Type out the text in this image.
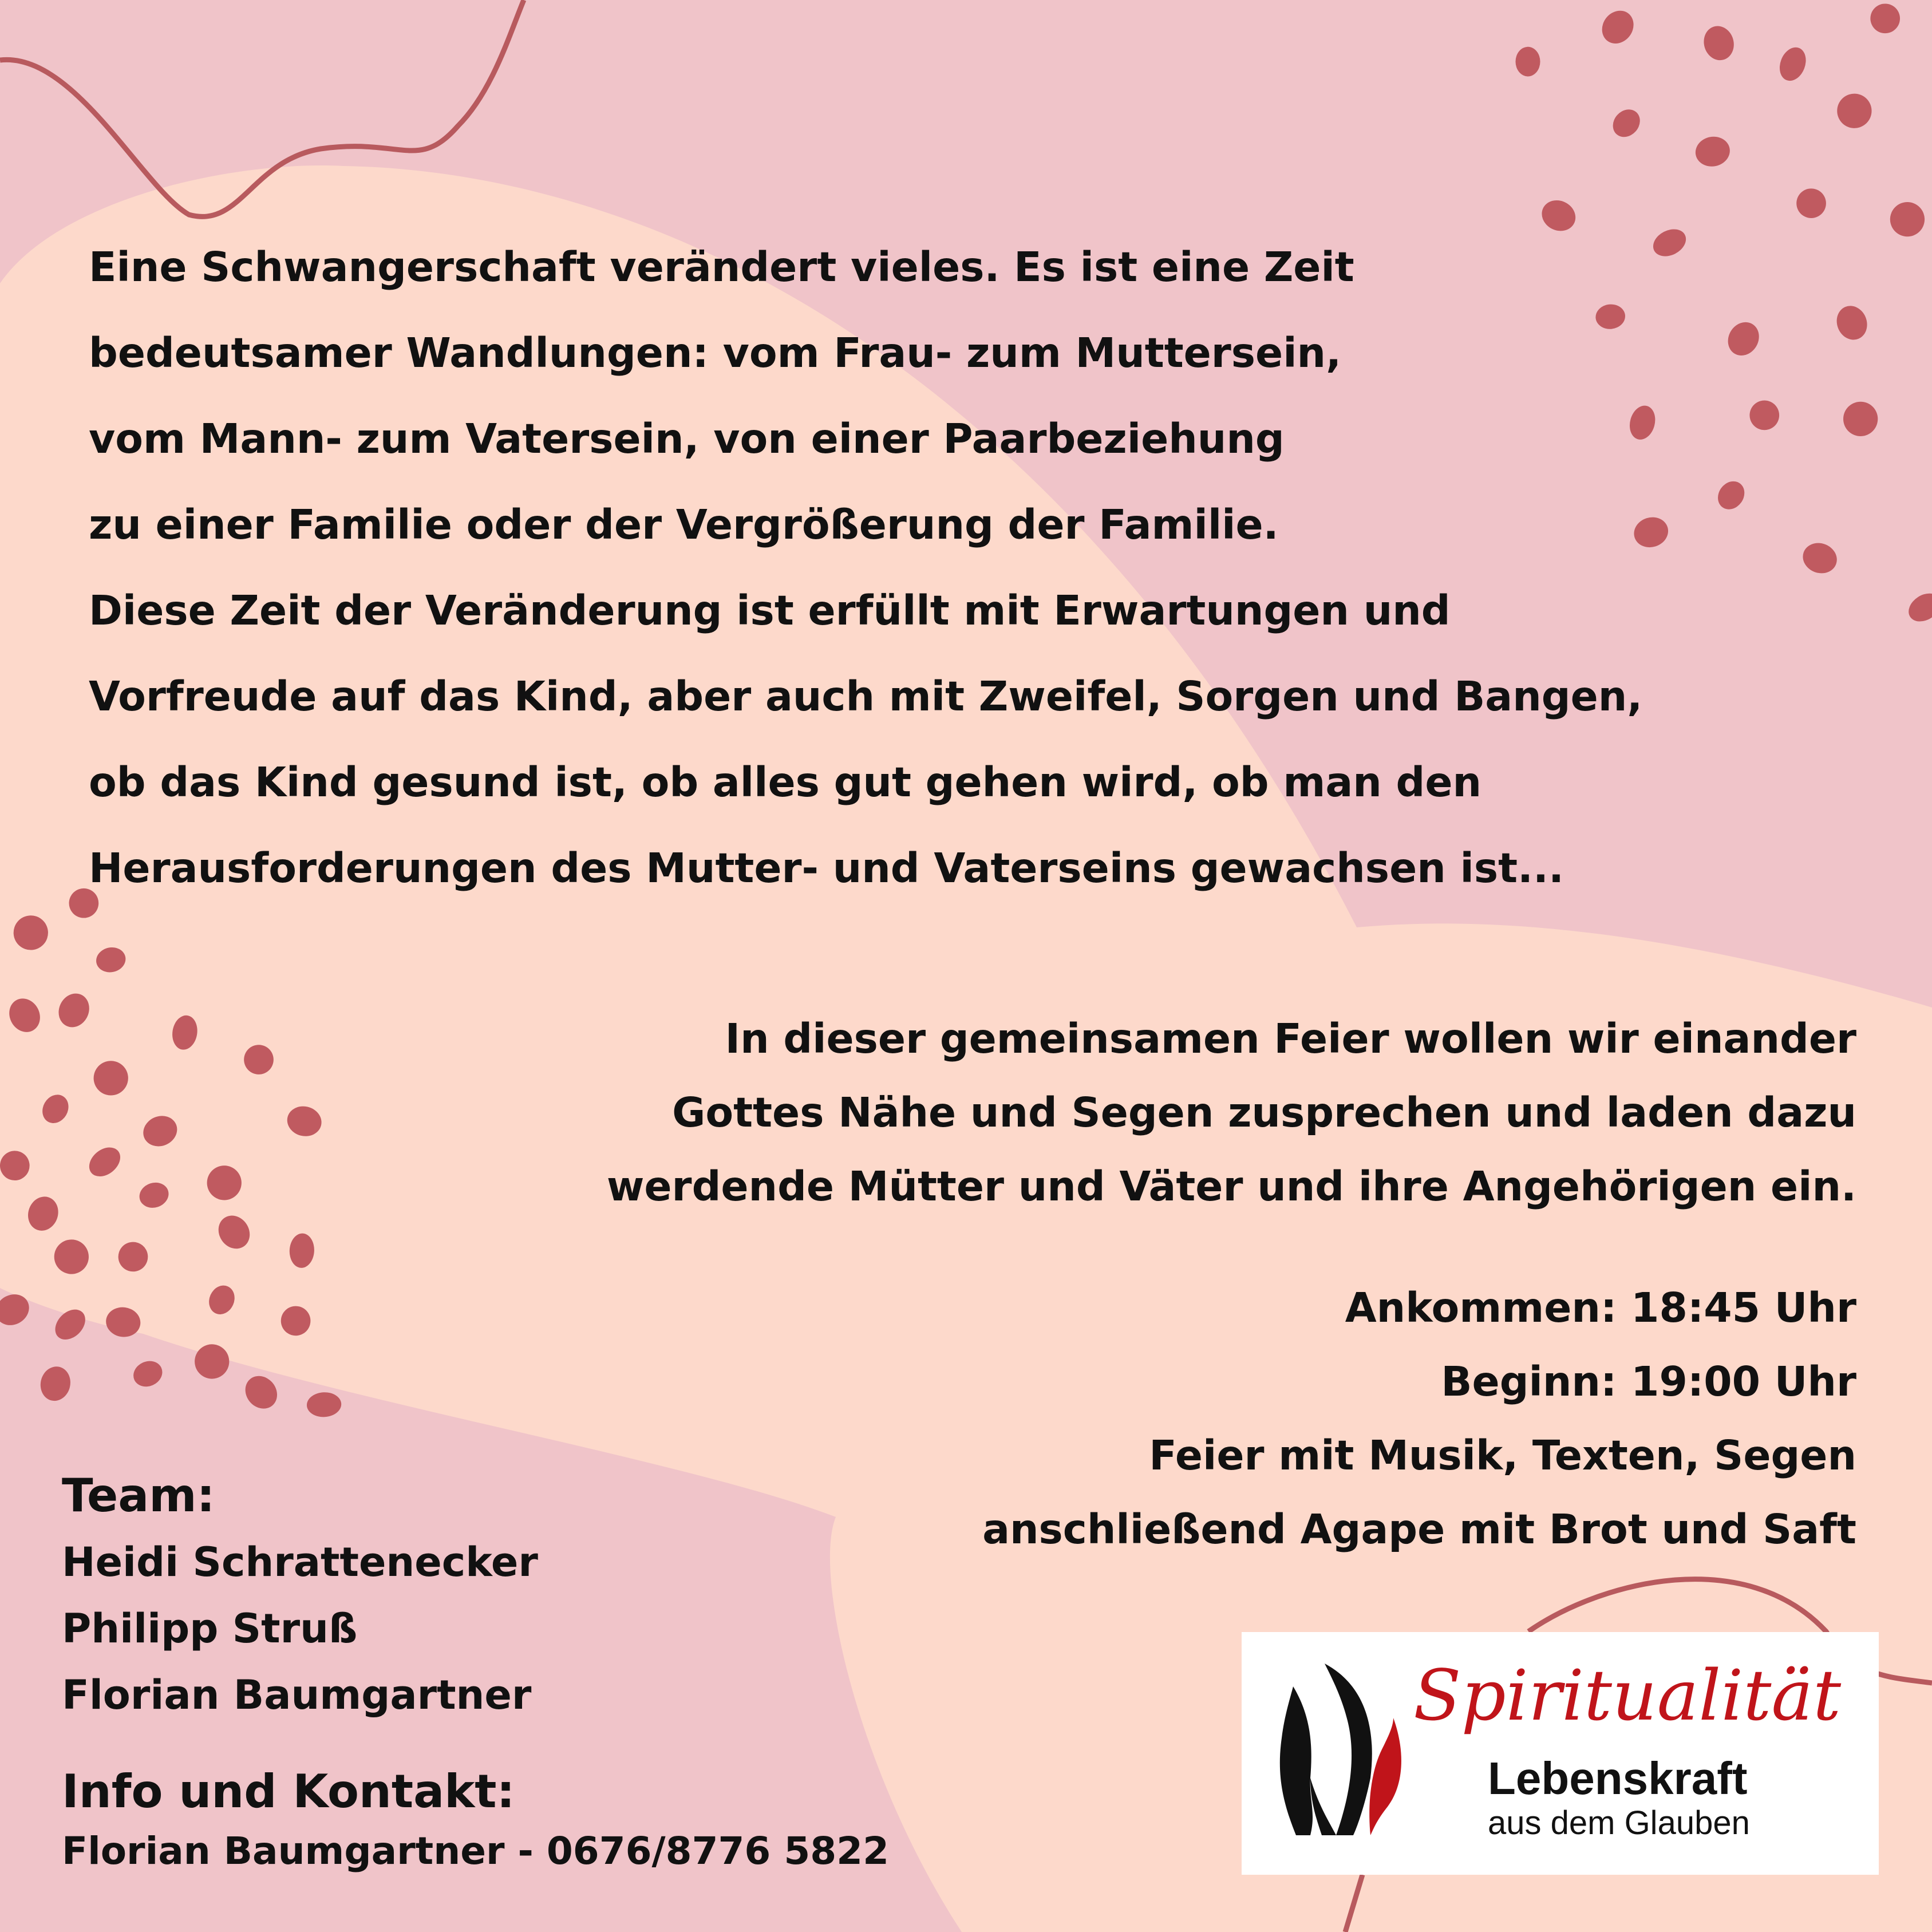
Eine Schwangerschaft verändert vieles. Es ist eine Zeit
bedeutsamer Wandlungen: vom Frau- zum Muttersein,
vom Mann- zum Vatersein, von einer Paarbeziehung
zu einer Familie oder der Vergrößerung der Familie.
Diese Zeit der Veränderung ist erfüllt mit Erwartungen und
Vorfreude auf das Kind, aber auch mit Zweifel, Sorgen und Bangen,
ob das Kind gesund ist, ob alles gut gehen wird, ob man den
Herausforderungen des Mutter- und Vaterseins gewachsen ist...
In dieser gemeinsamen Feier wollen wir einander
Gottes Nähe und Segen zusprechen und laden dazu
werdende Mütter und Väter und ihre Angehörigen ein.
Ankommen: 18:45 Uhr
Beginn: 19:00 Uhr
Feier mit Musik, Texten, Segen
anschließend Agape mit Brot und Saft
Team:
Heidi Schrattenecker
Philipp Struß
Florian Baumgartner
Info und Kontakt:
Florian Baumgartner - 0676/8776 5822
Spiritualität
Lebenskraft
aus dem Glauben
